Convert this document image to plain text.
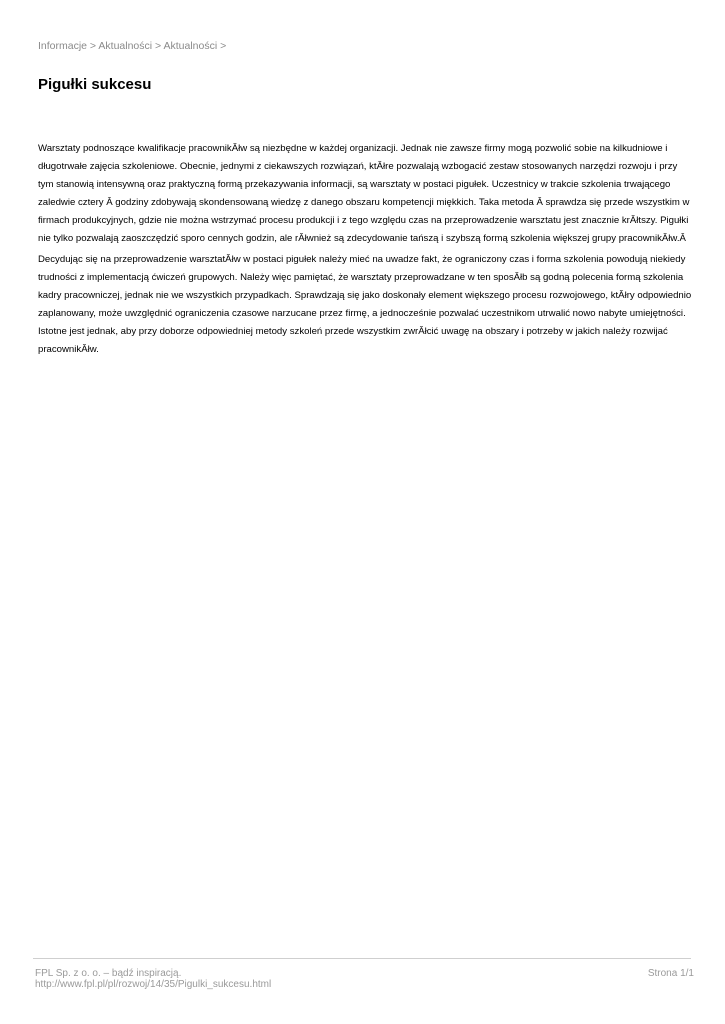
Informacje > Aktualności > Aktualności >
Pigułki sukcesu

Warsztaty podnoszące kwalifikacje pracownikĂłw są niezbędne w każdej organizacji. Jednak nie zawsze firmy mogą pozwolić sobie na kilkudniowe i długotrwałe zajęcia szkoleniowe. Obecnie, jednymi z ciekawszych rozwiązań, ktĂłre pozwalają wzbogacić zestaw stosowanych narzędzi rozwoju i przy tym stanowią intensywną oraz praktyczną formą przekazywania informacji, są warsztaty w postaci pigułek. Uczestnicy w trakcie szkolenia trwającego zaledwie cztery Â godziny zdobywają skondensowaną wiedzę z danego obszaru kompetencji miękkich. Taka metoda Â sprawdza się przede wszystkim w firmach produkcyjnych, gdzie nie można wstrzymać procesu produkcji i z tego względu czas na przeprowadzenie warsztatu jest znacznie krĂłtszy. Pigułki nie tylko pozwalają zaoszczędzić sporo cennych godzin, ale rĂłwnież są zdecydowanie tańszą i szybszą formą szkolenia większej grupy pracownikĂłw.Â

Decydując się na przeprowadzenie warsztatĂłw w postaci pigułek należy mieć na uwadze fakt, że ograniczony czas i forma szkolenia powodują niekiedy trudności z implementacją ćwiczeń grupowych. Należy więc pamiętać, że warsztaty przeprowadzane w ten sposĂłb są godną polecenia formą szkolenia kadry pracowniczej, jednak nie we wszystkich przypadkach. Sprawdzają się jako doskonały element większego procesu rozwojowego, ktĂłry odpowiednio zaplanowany, może uwzględnić ograniczenia czasowe narzucane przez firmę, a jednocześnie pozwalać uczestnikom utrwalić nowo nabyte umiejętności. Istotne jest jednak, aby przy doborze odpowiedniej metody szkoleń przede wszystkim zwrĂłcić uwagę na obszary i potrzeby w jakich należy rozwijać pracownikĂłw.

FPL Sp. z o. o. – bądź inspiracją.
http://www.fpl.pl/pl/rozwoj/14/35/Pigulki_sukcesu.html
Strona 1/1
